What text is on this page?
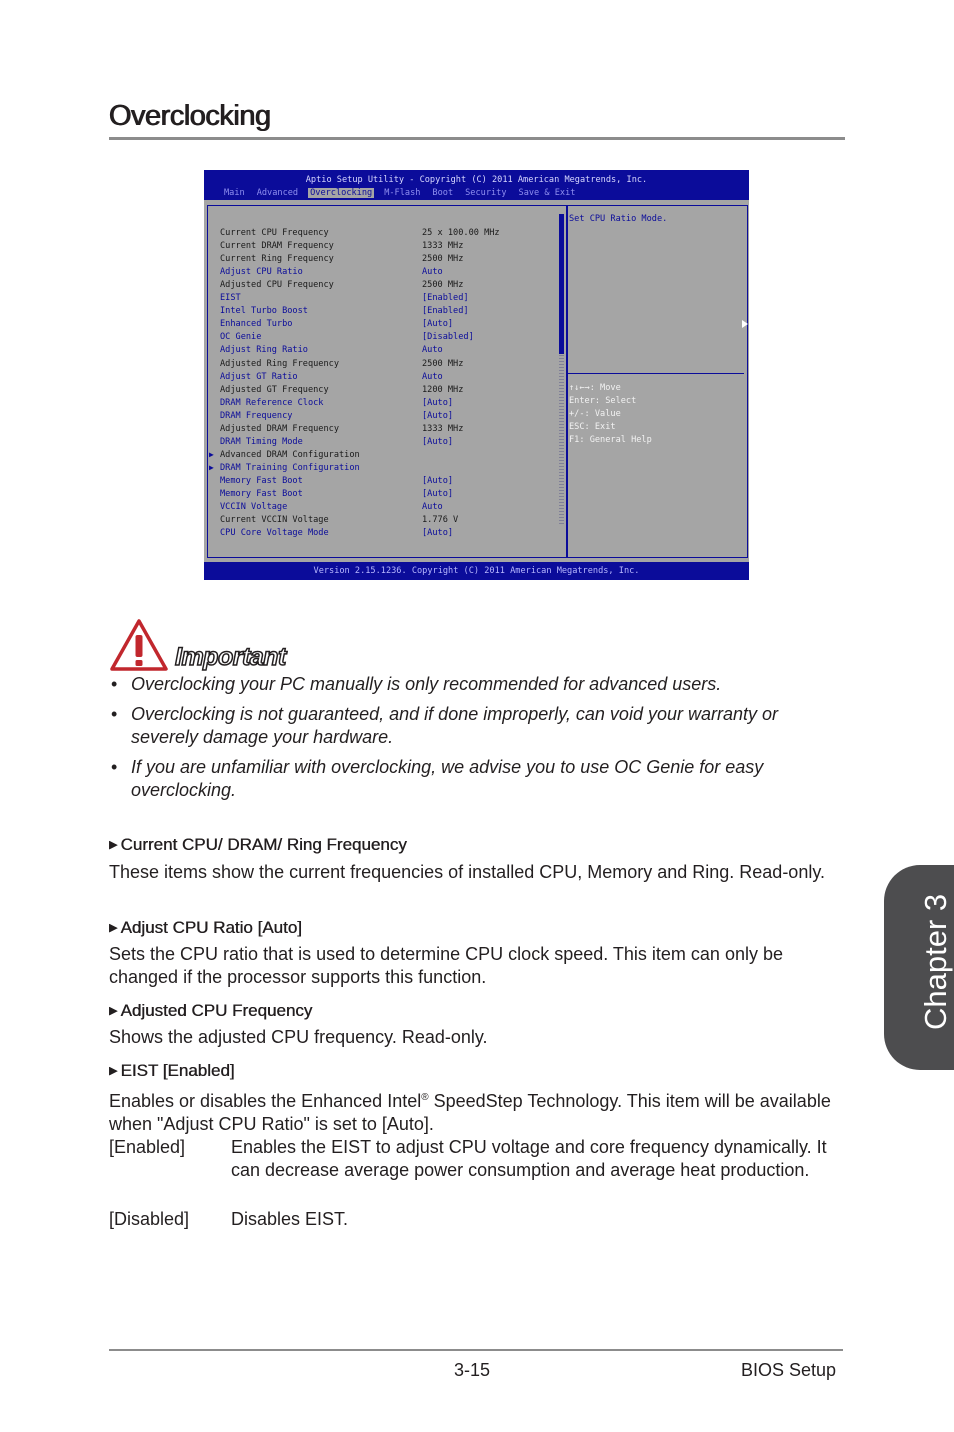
Overclocking
Aptio Setup Utility - Copyright (C) 2011 American Megatrends, Inc.
Main Advanced Overclocking M-Flash Boot Security Save & Exit
Set CPU Ratio Mode.
↑↓←→: Move
Enter: Select
+/-: Value
ESC: Exit
F1: General Help
Version 2.15.1236. Copyright (C) 2011 American Megatrends, Inc.
Current CPU Frequency	25 x 100.00 MHz
Current DRAM Frequency	1333 MHz
Current Ring Frequency	2500 MHz
Adjust CPU Ratio	Auto
Adjusted CPU Frequency	2500 MHz
EIST	[Enabled]
Intel Turbo Boost	[Enabled]
Enhanced Turbo	[Auto]
OC Genie	[Disabled]
Adjust Ring Ratio	Auto
Adjusted Ring Frequency	2500 MHz
Adjust GT Ratio	Auto
Adjusted GT Frequency	1200 MHz
DRAM Reference Clock	[Auto]
DRAM Frequency	[Auto]
Adjusted DRAM Frequency	1333 MHz
DRAM Timing Mode	[Auto]
▶ Advanced DRAM Configuration
▶ DRAM Training Configuration
Memory Fast Boot	[Auto]
Memory Fast Boot	[Auto]
VCCIN Voltage	Auto
Current VCCIN Voltage	1.776 V
CPU Core Voltage Mode	[Auto]
Important
• Overclocking your PC manually is only recommended for advanced users.
• Overclocking is not guaranteed, and if done improperly, can void your warranty or severely damage your hardware.
• If you are unfamiliar with overclocking, we advise you to use OC Genie for easy overclocking.
▶ Current CPU/ DRAM/ Ring Frequency
These items show the current frequencies of installed CPU, Memory and Ring. Read-only.
▶ Adjust CPU Ratio [Auto]
Sets the CPU ratio that is used to determine CPU clock speed. This item can only be changed if the processor supports this function.
▶ Adjusted CPU Frequency
Shows the adjusted CPU frequency. Read-only.
▶ EIST [Enabled]
Enables or disables the Enhanced Intel® SpeedStep Technology. This item will be available when "Adjust CPU Ratio" is set to [Auto].
[Enabled]	Enables the EIST to adjust CPU voltage and core frequency dynamically. It can decrease average power consumption and average heat production.
[Disabled] Disables EIST.
3-15	BIOS Setup
Chapter 3
